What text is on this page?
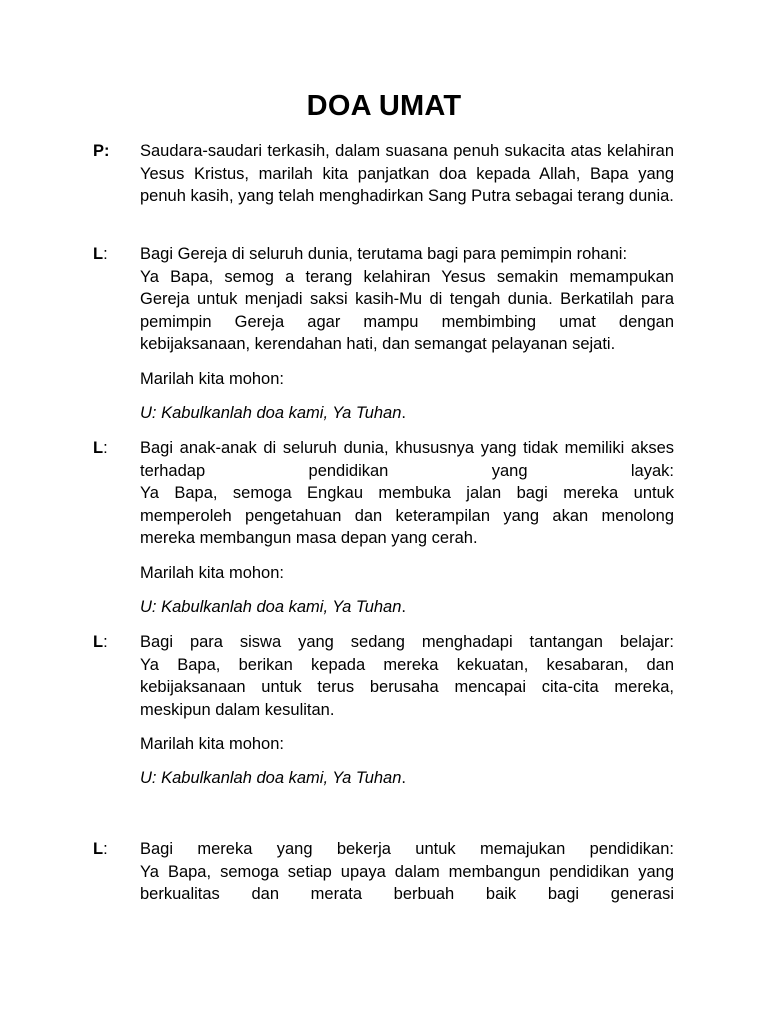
DOA UMAT
P: Saudara-saudari terkasih, dalam suasana penuh sukacita atas kelahiran Yesus Kristus, marilah kita panjatkan doa kepada Allah, Bapa yang penuh kasih, yang telah menghadirkan Sang Putra sebagai terang dunia.
L: Bagi Gereja di seluruh dunia, terutama bagi para pemimpin rohani:
Ya Bapa, semog a terang kelahiran Yesus semakin memampukan Gereja untuk menjadi saksi kasih-Mu di tengah dunia. Berkatilah para pemimpin Gereja agar mampu membimbing umat dengan kebijaksanaan, kerendahan hati, dan semangat pelayanan sejati.
Marilah kita mohon:
U: Kabulkanlah doa kami, Ya Tuhan.
L: Bagi anak-anak di seluruh dunia, khususnya yang tidak memiliki akses terhadap pendidikan yang layak:
Ya Bapa, semoga Engkau membuka jalan bagi mereka untuk memperoleh pengetahuan dan keterampilan yang akan menolong mereka membangun masa depan yang cerah.
Marilah kita mohon:
U: Kabulkanlah doa kami, Ya Tuhan.
L: Bagi para siswa yang sedang menghadapi tantangan belajar:
Ya Bapa, berikan kepada mereka kekuatan, kesabaran, dan kebijaksanaan untuk terus berusaha mencapai cita-cita mereka, meskipun dalam kesulitan.
Marilah kita mohon:
U: Kabulkanlah doa kami, Ya Tuhan.
L: Bagi mereka yang bekerja untuk memajukan pendidikan:
Ya Bapa, semoga setiap upaya dalam membangun pendidikan yang berkualitas dan merata berbuah baik bagi generasi
